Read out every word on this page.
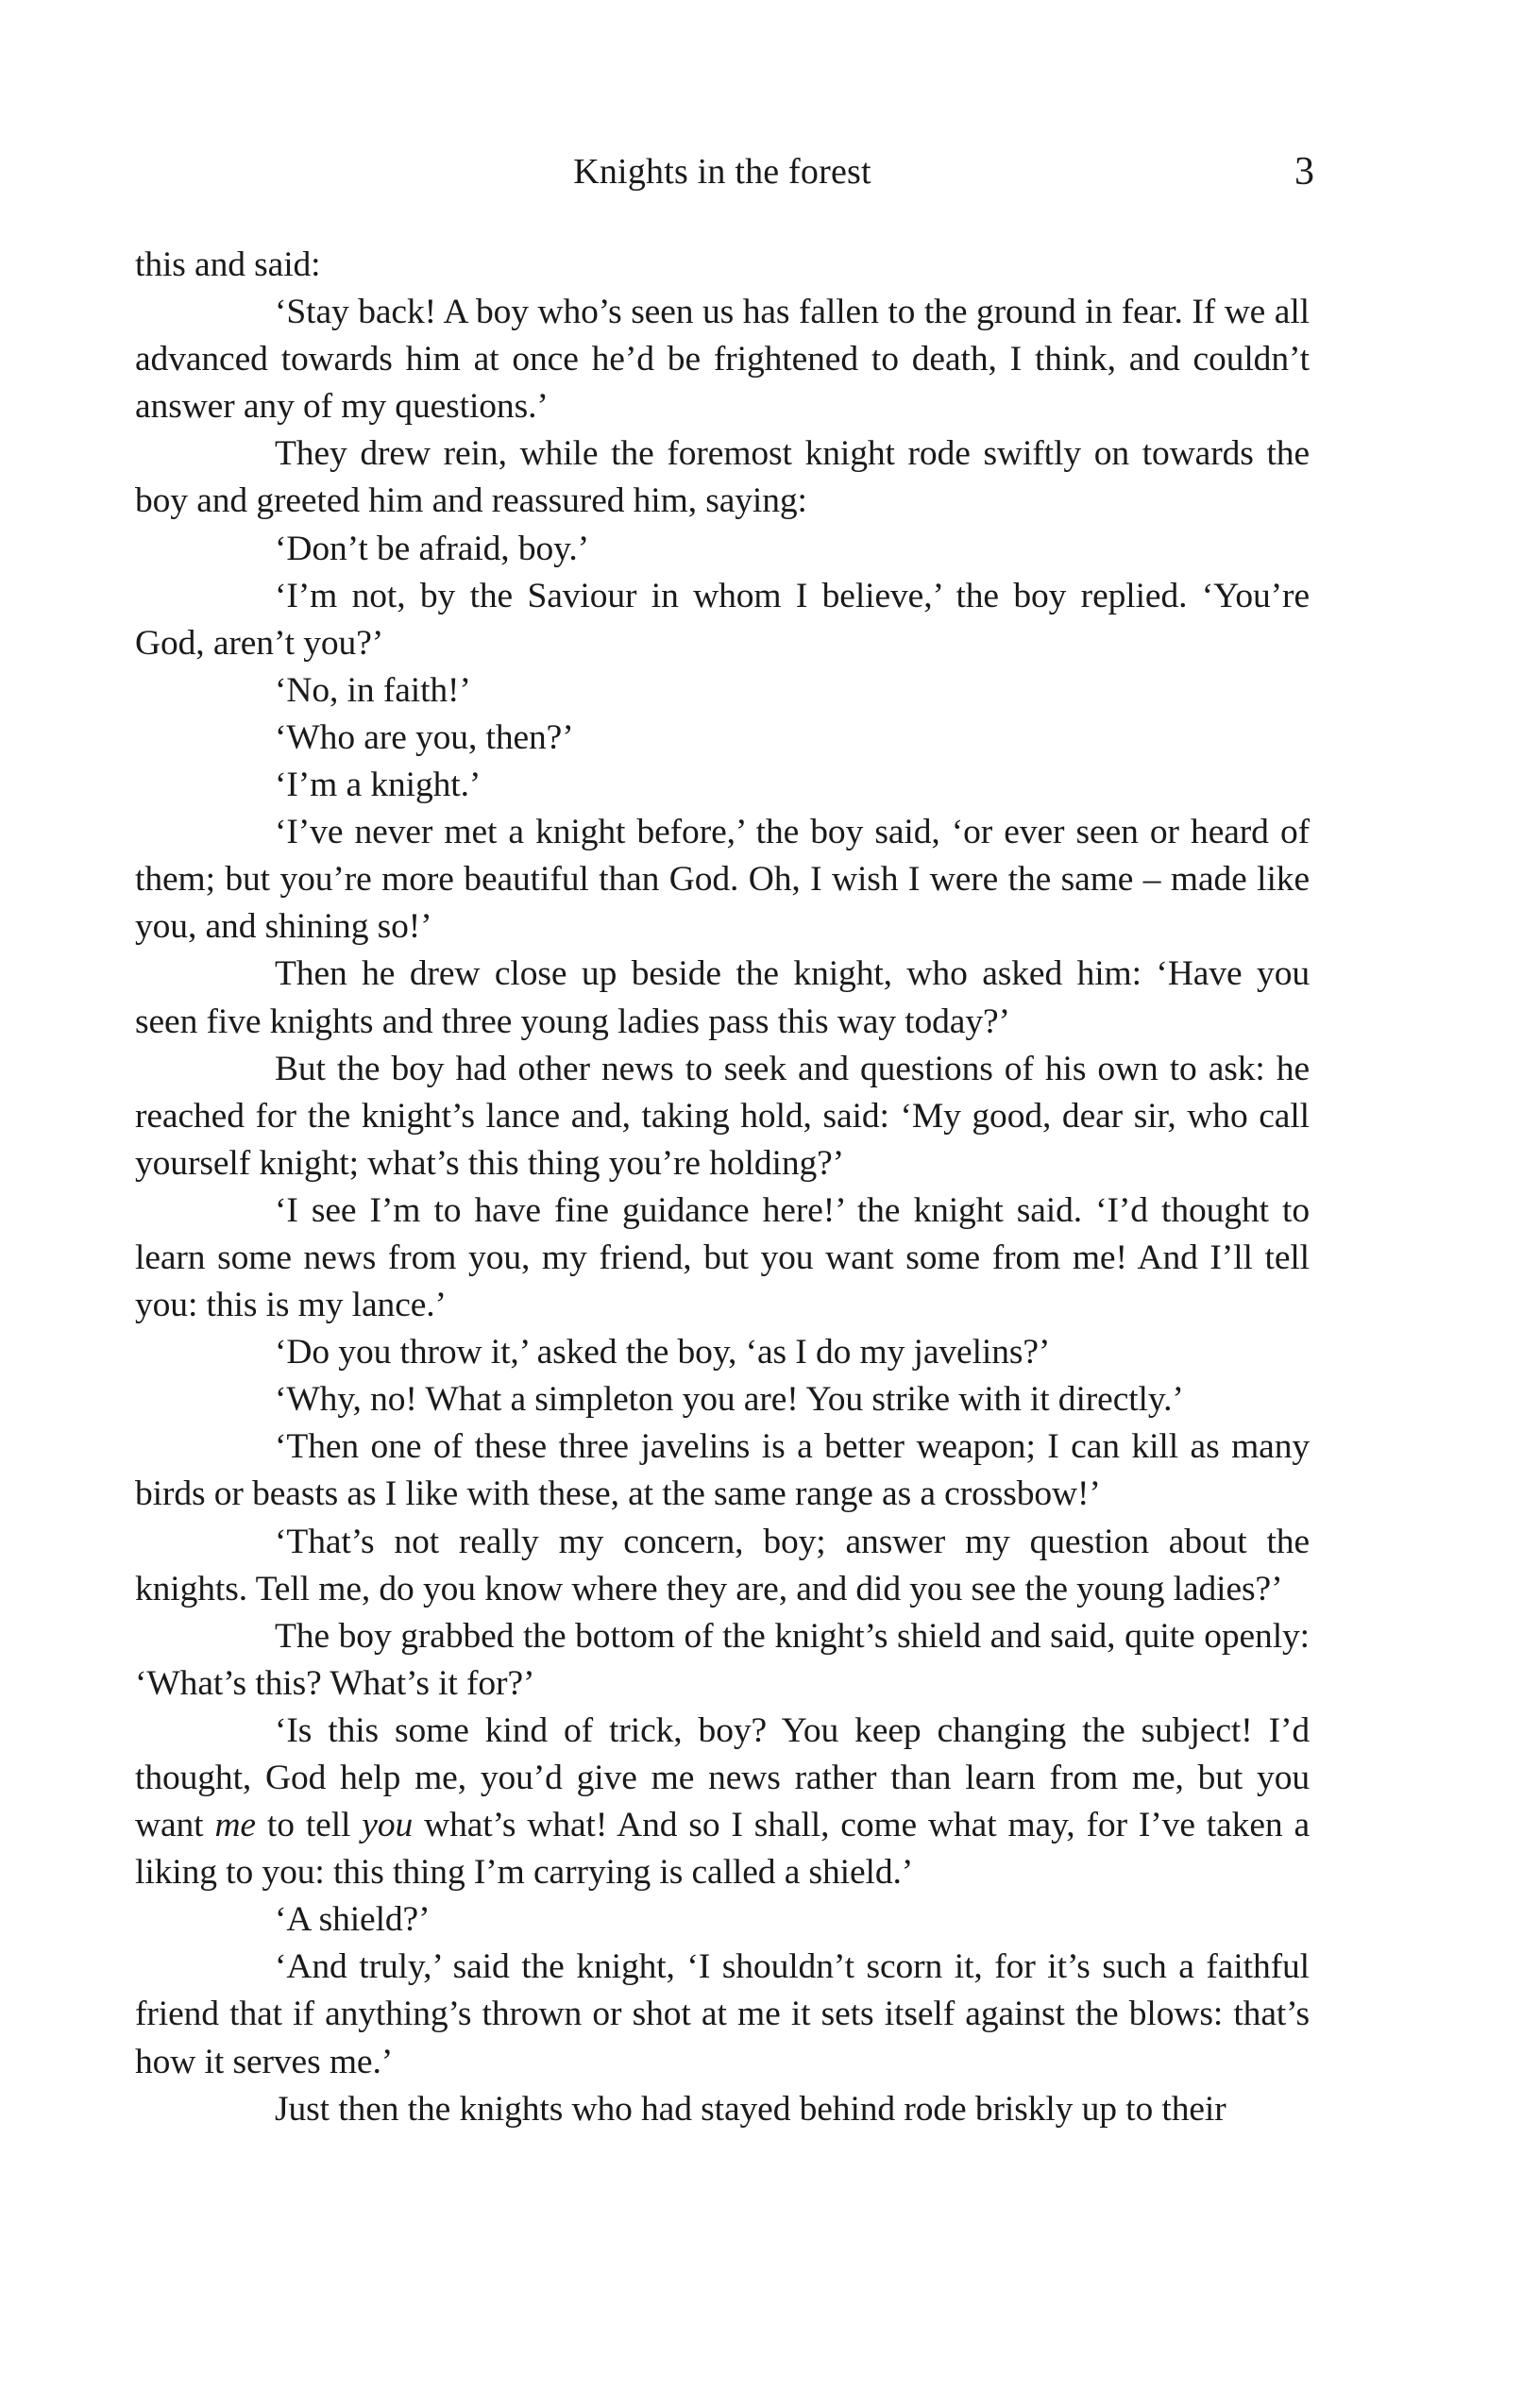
Knights in the forest	3

this and said:

‘Stay back! A boy who’s seen us has fallen to the ground in fear. If we all advanced towards him at once he’d be frightened to death, I think, and couldn’t answer any of my questions.’

They drew rein, while the foremost knight rode swiftly on towards the boy and greeted him and reassured him, saying:

‘Don’t be afraid, boy.’

‘I’m not, by the Saviour in whom I believe,’ the boy replied. ‘You’re God, aren’t you?’

‘No, in faith!’

‘Who are you, then?’

‘I’m a knight.’

‘I’ve never met a knight before,’ the boy said, ‘or ever seen or heard of them; but you’re more beautiful than God. Oh, I wish I were the same – made like you, and shining so!’

Then he drew close up beside the knight, who asked him: ‘Have you seen five knights and three young ladies pass this way today?’

But the boy had other news to seek and questions of his own to ask: he reached for the knight’s lance and, taking hold, said: ‘My good, dear sir, who call yourself knight; what’s this thing you’re holding?’

‘I see I’m to have fine guidance here!’ the knight said. ‘I’d thought to learn some news from you, my friend, but you want some from me! And I’ll tell you: this is my lance.’

‘Do you throw it,’ asked the boy, ‘as I do my javelins?’

‘Why, no! What a simpleton you are! You strike with it directly.’

‘Then one of these three javelins is a better weapon; I can kill as many birds or beasts as I like with these, at the same range as a crossbow!’

‘That’s not really my concern, boy; answer my question about the knights. Tell me, do you know where they are, and did you see the young ladies?’

The boy grabbed the bottom of the knight’s shield and said, quite openly: ‘What’s this? What’s it for?’

‘Is this some kind of trick, boy? You keep changing the subject! I’d thought, God help me, you’d give me news rather than learn from me, but you want me to tell you what’s what! And so I shall, come what may, for I’ve taken a liking to you: this thing I’m carrying is called a shield.’

‘A shield?’

‘And truly,’ said the knight, ‘I shouldn’t scorn it, for it’s such a faithful friend that if anything’s thrown or shot at me it sets itself against the blows: that’s how it serves me.’

Just then the knights who had stayed behind rode briskly up to their
